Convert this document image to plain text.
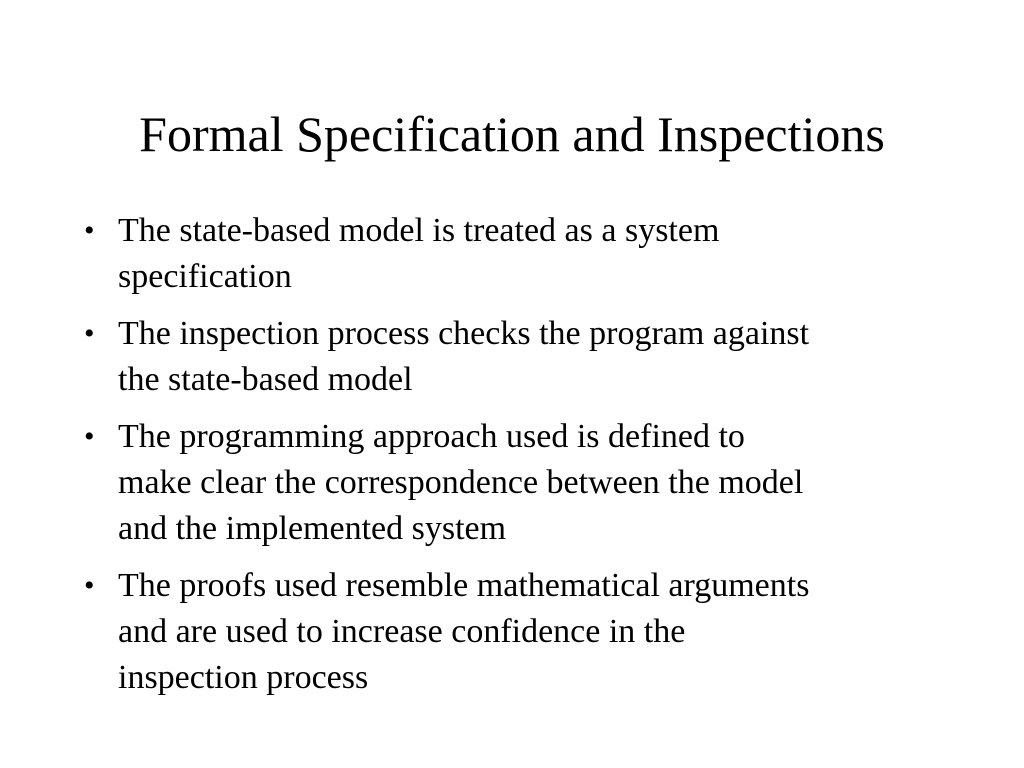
Formal Specification and Inspections
• The state-based model is treated as a system
specification
• The inspection process checks the program against
the state-based model
• The programming approach used is defined to
make clear the correspondence between the model
and the implemented system
• The proofs used resemble mathematical arguments
and are used to increase confidence in the
inspection process
